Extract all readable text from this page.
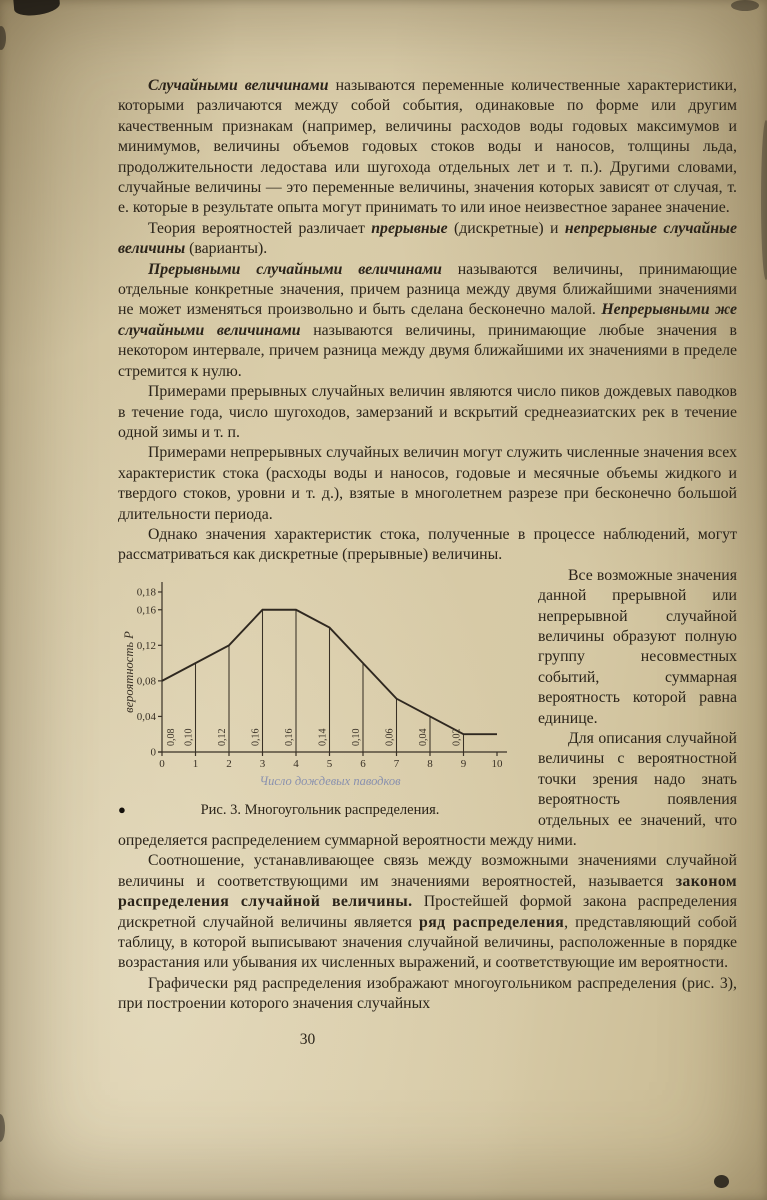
Случайными величинами называются переменные количественные характеристики, которыми различаются между собой события, одинаковые по форме или другим качественным признакам (например, величины расходов воды годовых максимумов и минимумов, величины объемов годовых стоков воды и наносов, толщины льда, продолжительности ледостава или шугохода отдельных лет и т. п.). Другими словами, случайные величины — это переменные величины, значения которых зависят от случая, т. е. которые в результате опыта могут принимать то или иное неизвестное заранее значение.

Теория вероятностей различает прерывные (дискретные) и непрерывные случайные величины (варианты).

Прерывными случайными величинами называются величины, принимающие отдельные конкретные значения, причем разница между двумя ближайшими значениями не может изменяться произвольно и быть сделана бесконечно малой. Непрерывными же случайными величинами называются величины, принимающие любые значения в некотором интервале, причем разница между двумя ближайшими их значениями в пределе стремится к нулю.

Примерами прерывных случайных величин являются число пиков дождевых паводков в течение года, число шугоходов, замерзаний и вскрытий среднеазиатских рек в течение одной зимы и т. п.

Примерами непрерывных случайных величин могут служить численные значения всех характеристик стока (расходы воды и наносов, годовые и месячные объемы жидкого и твердого стоков, уровни и т. д.), взятые в многолетнем разрезе при бесконечно большой длительности периода.

Однако значения характеристик стока, полученные в процессе наблюдений, могут рассматриваться как дискретные (прерывные) величины.

0
0,04
0,08
0,12
0,16
0,18
0	1	2	3	4	5	6	7	8	9 10
0,08 0,10 0,12 0,16 0,16 0,14 0,10 0,06 0,04 0,02
вероятность Р
Число дождевых паводков
●	Рис. 3. Многоугольник распределения.

Все возможные значения данной прерывной или непрерывной случайной величины образуют полную группу несовместных событий, суммарная вероятность которой равна единице.

Для описания случайной величины с вероятностной точки зрения надо знать вероятность появления отдельных ее значений, что определяется распределением суммарной вероятности между ними.

Соотношение, устанавливающее связь между возможными значениями случайной величины и соответствующими им значениями вероятностей, называется законом распределения случайной величины. Простейшей формой закона распределения дискретной случайной величины является ряд распределения, представляющий собой таблицу, в которой выписывают значения случайной величины, расположенные в порядке возрастания или убывания их численных выражений, и соответствующие им вероятности.

Графически ряд распределения изображают многоугольником распределения (рис. 3), при построении которого значения случайных

30
